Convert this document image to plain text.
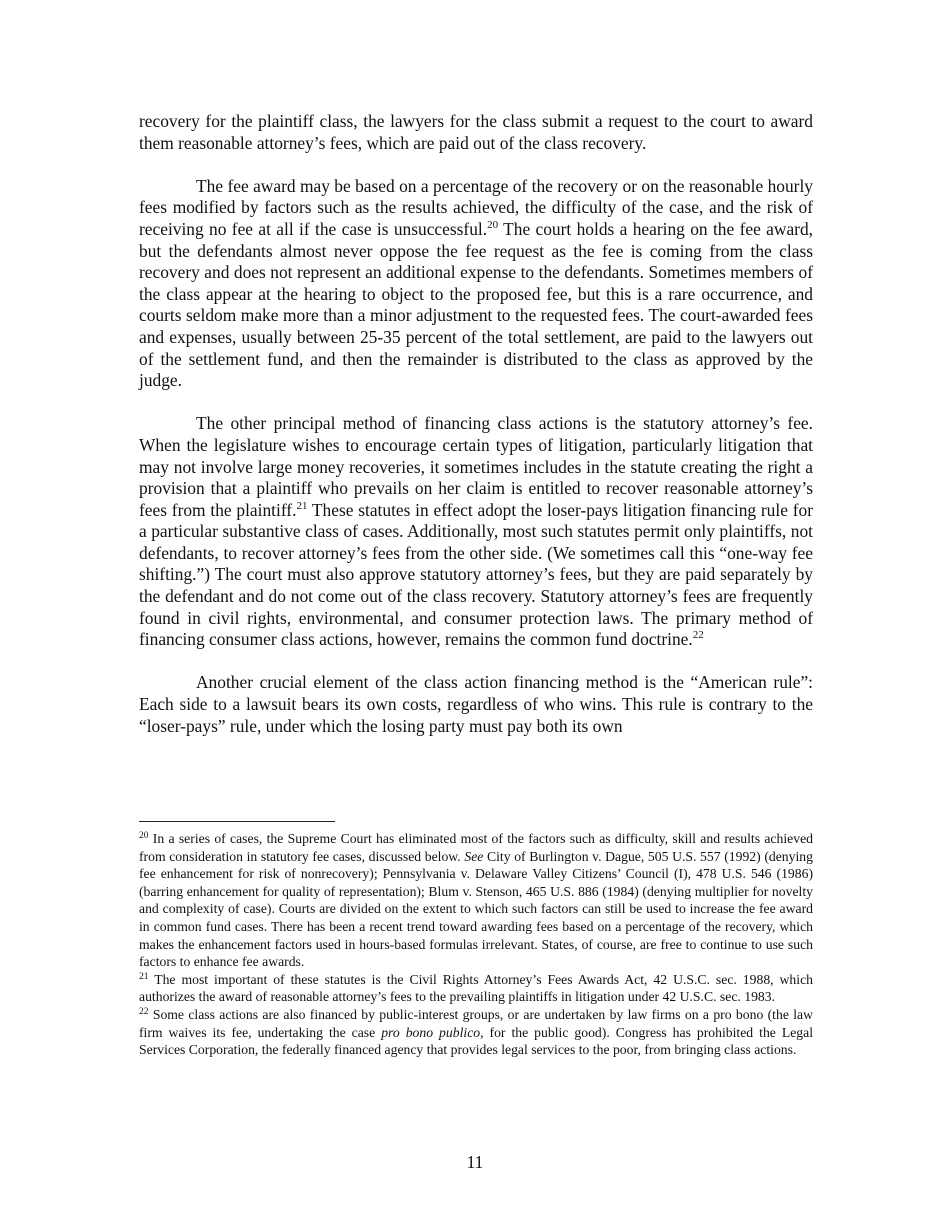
recovery for the plaintiff class, the lawyers for the class submit a request to the court to award them reasonable attorney’s fees, which are paid out of the class recovery.

The fee award may be based on a percentage of the recovery or on the reasonable hourly fees modified by factors such as the results achieved, the difficulty of the case, and the risk of receiving no fee at all if the case is unsuccessful.$^{20}$ The court holds a hearing on the fee award, but the defendants almost never oppose the fee request as the fee is coming from the class recovery and does not represent an additional expense to the defendants. Sometimes members of the class appear at the hearing to object to the proposed fee, but this is a rare occurrence, and courts seldom make more than a minor adjustment to the requested fees. The court-awarded fees and expenses, usually between 25-35 percent of the total settlement, are paid to the lawyers out of the settlement fund, and then the remainder is distributed to the class as approved by the judge.

The other principal method of financing class actions is the statutory attorney’s fee. When the legislature wishes to encourage certain types of litigation, particularly litigation that may not involve large money recoveries, it sometimes includes in the statute creating the right a provision that a plaintiff who prevails on her claim is entitled to recover reasonable attorney’s fees from the plaintiff.$^{21}$ These statutes in effect adopt the loser-pays litigation financing rule for a particular substantive class of cases. Additionally, most such statutes permit only plaintiffs, not defendants, to recover attorney’s fees from the other side. (We sometimes call this “one-way fee shifting.”) The court must also approve statutory attorney’s fees, but they are paid separately by the defendant and do not come out of the class recovery. Statutory attorney’s fees are frequently found in civil rights, environmental, and consumer protection laws. The primary method of financing consumer class actions, however, remains the common fund doctrine.$^{22}$

Another crucial element of the class action financing method is the “American rule”: Each side to a lawsuit bears its own costs, regardless of who wins. This rule is contrary to the “loser-pays” rule, under which the losing party must pay both its own

$^{20}$ In a series of cases, the Supreme Court has eliminated most of the factors such as difficulty, skill and results achieved from consideration in statutory fee cases, discussed below. See City of Burlington v. Dague, 505 U.S. 557 (1992) (denying fee enhancement for risk of nonrecovery); Pennsylvania v. Delaware Valley Citizens’ Council (I), 478 U.S. 546 (1986) (barring enhancement for quality of representation); Blum v. Stenson, 465 U.S. 886 (1984) (denying multiplier for novelty and complexity of case). Courts are divided on the extent to which such factors can still be used to increase the fee award in common fund cases. There has been a recent trend toward awarding fees based on a percentage of the recovery, which makes the enhancement factors used in hours-based formulas irrelevant. States, of course, are free to continue to use such factors to enhance fee awards.

$^{21}$ The most important of these statutes is the Civil Rights Attorney’s Fees Awards Act, 42 U.S.C. sec. 1988, which authorizes the award of reasonable attorney’s fees to the prevailing plaintiffs in litigation under 42 U.S.C. sec. 1983.

$^{22}$ Some class actions are also financed by public-interest groups, or are undertaken by law firms on a pro bono (the law firm waives its fee, undertaking the case pro bono publico, for the public good). Congress has prohibited the Legal Services Corporation, the federally financed agency that provides legal services to the poor, from bringing class actions.

11
